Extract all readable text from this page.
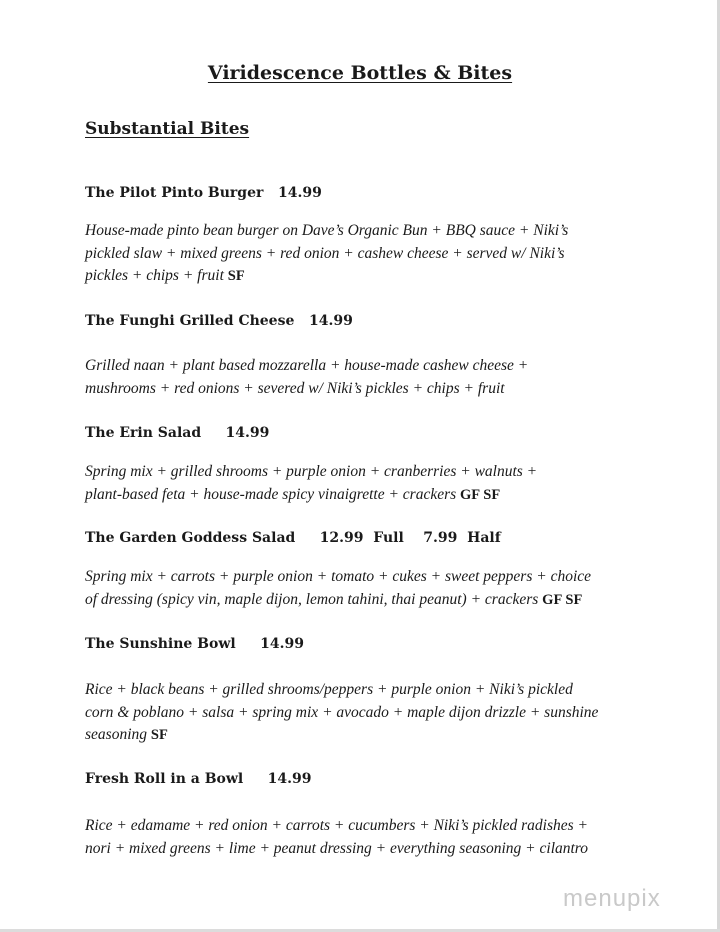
Viridescence Bottles & Bites
Substantial Bites
The Pilot Pinto Burger   14.99
House-made pinto bean burger on Dave’s Organic Bun + BBQ sauce + Niki’s
pickled slaw + mixed greens + red onion + cashew cheese + served w/ Niki’s
pickles + chips + fruit SF
The Funghi Grilled Cheese   14.99
Grilled naan + plant based mozzarella + house-made cashew cheese +
mushrooms + red onions + severed w/ Niki’s pickles + chips + fruit
The Erin Salad     14.99
Spring mix + grilled shrooms + purple onion + cranberries + walnuts +
plant-based feta + house-made spicy vinaigrette + crackers GF SF
The Garden Goddess Salad     12.99  Full    7.99  Half
Spring mix + carrots + purple onion + tomato + cukes + sweet peppers + choice
of dressing (spicy vin, maple dijon, lemon tahini, thai peanut) + crackers GF SF
The Sunshine Bowl     14.99
Rice + black beans + grilled shrooms/peppers + purple onion + Niki’s pickled
corn & poblano + salsa + spring mix + avocado + maple dijon drizzle + sunshine
seasoning SF
Fresh Roll in a Bowl     14.99
Rice + edamame + red onion + carrots + cucumbers + Niki’s pickled radishes +
nori + mixed greens + lime + peanut dressing + everything seasoning + cilantro
menupix
